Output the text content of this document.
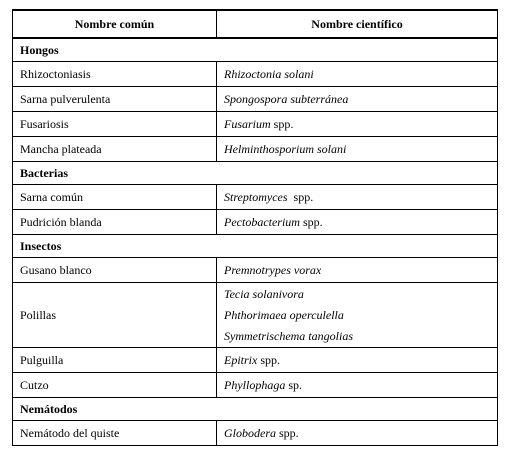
Nombre común	Nombre científico
Hongos	
Rhizoctoniasis	Rhizoctonia solani
Sarna pulverulenta	Spongospora subterránea
Fusariosis	Fusarium spp.
Mancha plateada	Helminthosporium solani
Bacterias	
Sarna común	Streptomyces  spp.
Pudrición blanda	Pectobacterium spp.
Insectos	
Gusano blanco	Premnotrypes vorax
Polillas	Tecia solanivora
Phthorimaea operculella
Symmetrischema tangolias

Pulguilla	Epitrix spp.
Cutzo	Phyllophaga sp.
Nemátodos	
Nemátodo del quiste	Globodera spp.
